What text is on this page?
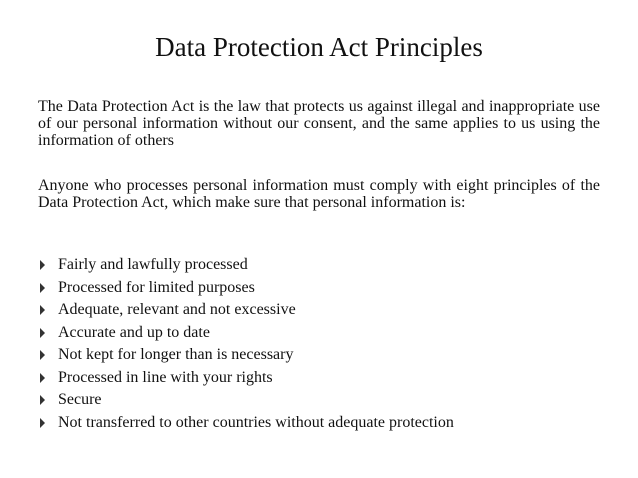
Data Protection Act Principles

The Data Protection Act is the law that protects us against illegal and inappropriate use of our personal information without our consent, and the same applies to us using the information of others

Anyone who processes personal information must comply with eight principles of the Data Protection Act, which make sure that personal information is:

Fairly and lawfully processed
Processed for limited purposes
Adequate, relevant and not excessive
Accurate and up to date
Not kept for longer than is necessary
Processed in line with your rights
Secure
Not transferred to other countries without adequate protection
